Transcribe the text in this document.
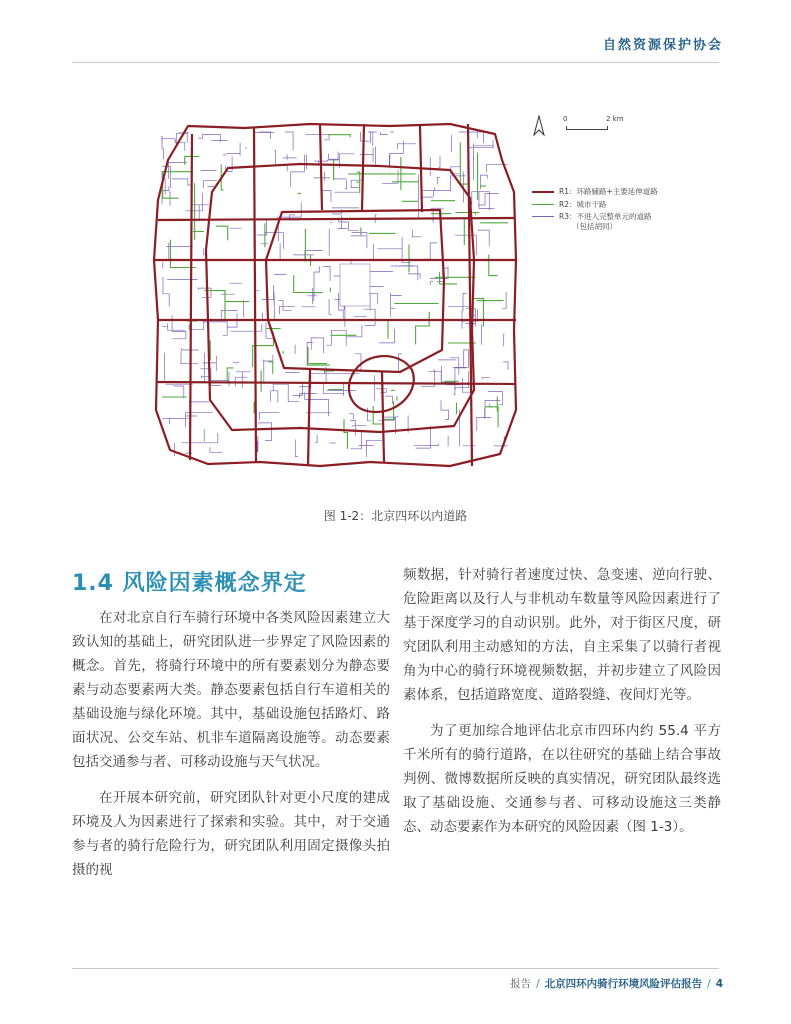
自然资源保护协会
0	2 km
R1：环路辅路+主要延伸道路
R2：城市干路
R3：不进入完整单元的道路
（包括胡同）
图 1-2：北京四环以内道路
1.4 风险因素概念界定

在对北京自行车骑行环境中各类风险因素建立大致认知的基础上，研究团队进一步界定了风险因素的概念。首先，将骑行环境中的所有要素划分为静态要素与动态要素两大类。静态要素包括自行车道相关的基础设施与绿化环境。其中，基础设施包括路灯、路面状况、公交车站、机非车道隔离设施等。动态要素包括交通参与者、可移动设施与天气状况。

在开展本研究前，研究团队针对更小尺度的建成环境及人为因素进行了探索和实验。其中，对于交通参与者的骑行危险行为，研究团队利用固定摄像头拍摄的视

频数据，针对骑行者速度过快、急变速、逆向行驶、危险距离以及行人与非机动车数量等风险因素进行了基于深度学习的自动识别。此外，对于街区尺度，研究团队利用主动感知的方法，自主采集了以骑行者视角为中心的骑行环境视频数据，并初步建立了风险因素体系，包括道路宽度、道路裂缝、夜间灯光等。

为了更加综合地评估北京市四环内约 55.4 平方千米所有的骑行道路，在以往研究的基础上结合事故判例、微博数据所反映的真实情况，研究团队最终选取了基础设施、交通参与者、可移动设施这三类静态、动态要素作为本研究的风险因素（图 1-3）。

报告 / 北京四环内骑行环境风险评估报告 / 4
